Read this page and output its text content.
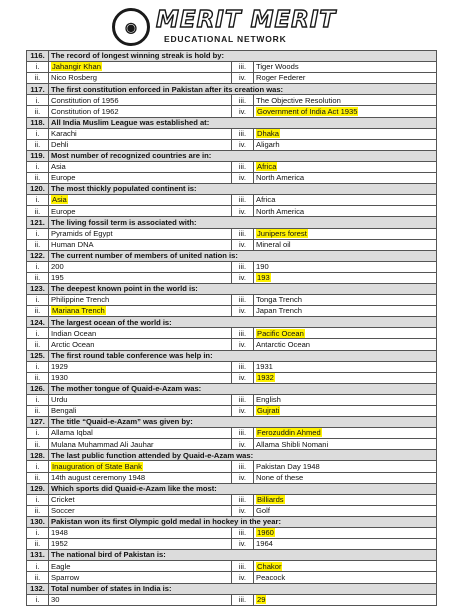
◉ MERIT MERIT
EDUCATIONAL NETWORK
116.	The record of longest winning streak is hold by:		
i.	Jahangir Khan	iii.	Tiger Woods
ii.	Nico Rosberg	iv.	Roger Federer
117.	The first constitution enforced in Pakistan after its creation was:		
i.	Constitution of 1956	iii.	The Objective Resolution
ii.	Constitution of 1962	iv.	Government of India Act 1935
118.	All India Muslim League was established at:		
i.	Karachi	iii.	Dhaka
ii.	Dehli	iv.	Aligarh
119.	Most number of recognized countries are in:		
i.	Asia	iii.	Africa
ii.	Europe	iv.	North America
120.	The most thickly populated continent is:		
i.	Asia	iii.	Africa
ii.	Europe	iv.	North America
121.	The living fossil term is associated with:		
i.	Pyramids of Egypt	iii.	Junipers forest
ii.	Human DNA	iv.	Mineral oil
122.	The current number of members of united nation is:		
i.	200	iii.	190
ii.	195	iv.	193
123.	The deepest known point in the world is:		
i.	Philippine Trench	iii.	Tonga Trench
ii.	Mariana Trench	iv.	Japan Trench
124.	The largest ocean of the world is:		
i.	Indian Ocean	iii.	Pacific Ocean
ii.	Arctic Ocean	iv.	Antarctic Ocean
125.	The first round table conference was help in:		
i.	1929	iii.	1931
ii.	1930	iv.	1932
126.	The mother tongue of Quaid-e-Azam was:		
i.	Urdu	iii.	English
ii.	Bengali	iv.	Gujrati
127.	The title “Quaid-e-Azam” was given by:		
i.	Allama Iqbal	iii.	Ferozuddin Ahmed
ii.	Mulana Muhammad Ali Jauhar	iv.	Allama Shibli Nomani
128.	The last public function attended by Quaid-e-Azam was:		
i.	Inauguration of State Bank	iii.	Pakistan Day 1948
ii.	14th august ceremony 1948	iv.	None of these
129.	Which sports did Quaid-e-Azam like the most:		
i.	Cricket	iii.	Billiards
ii.	Soccer	iv.	Golf
130.	Pakistan won its first Olympic gold medal in hockey in the year:		
i.	1948	iii.	1960
ii.	1952	iv.	1964
131.	The national bird of Pakistan is:		
i.	Eagle	iii.	Chakor
ii.	Sparrow	iv.	Peacock
132.	Total number of states in India is:		
i.	30	iii.	29
